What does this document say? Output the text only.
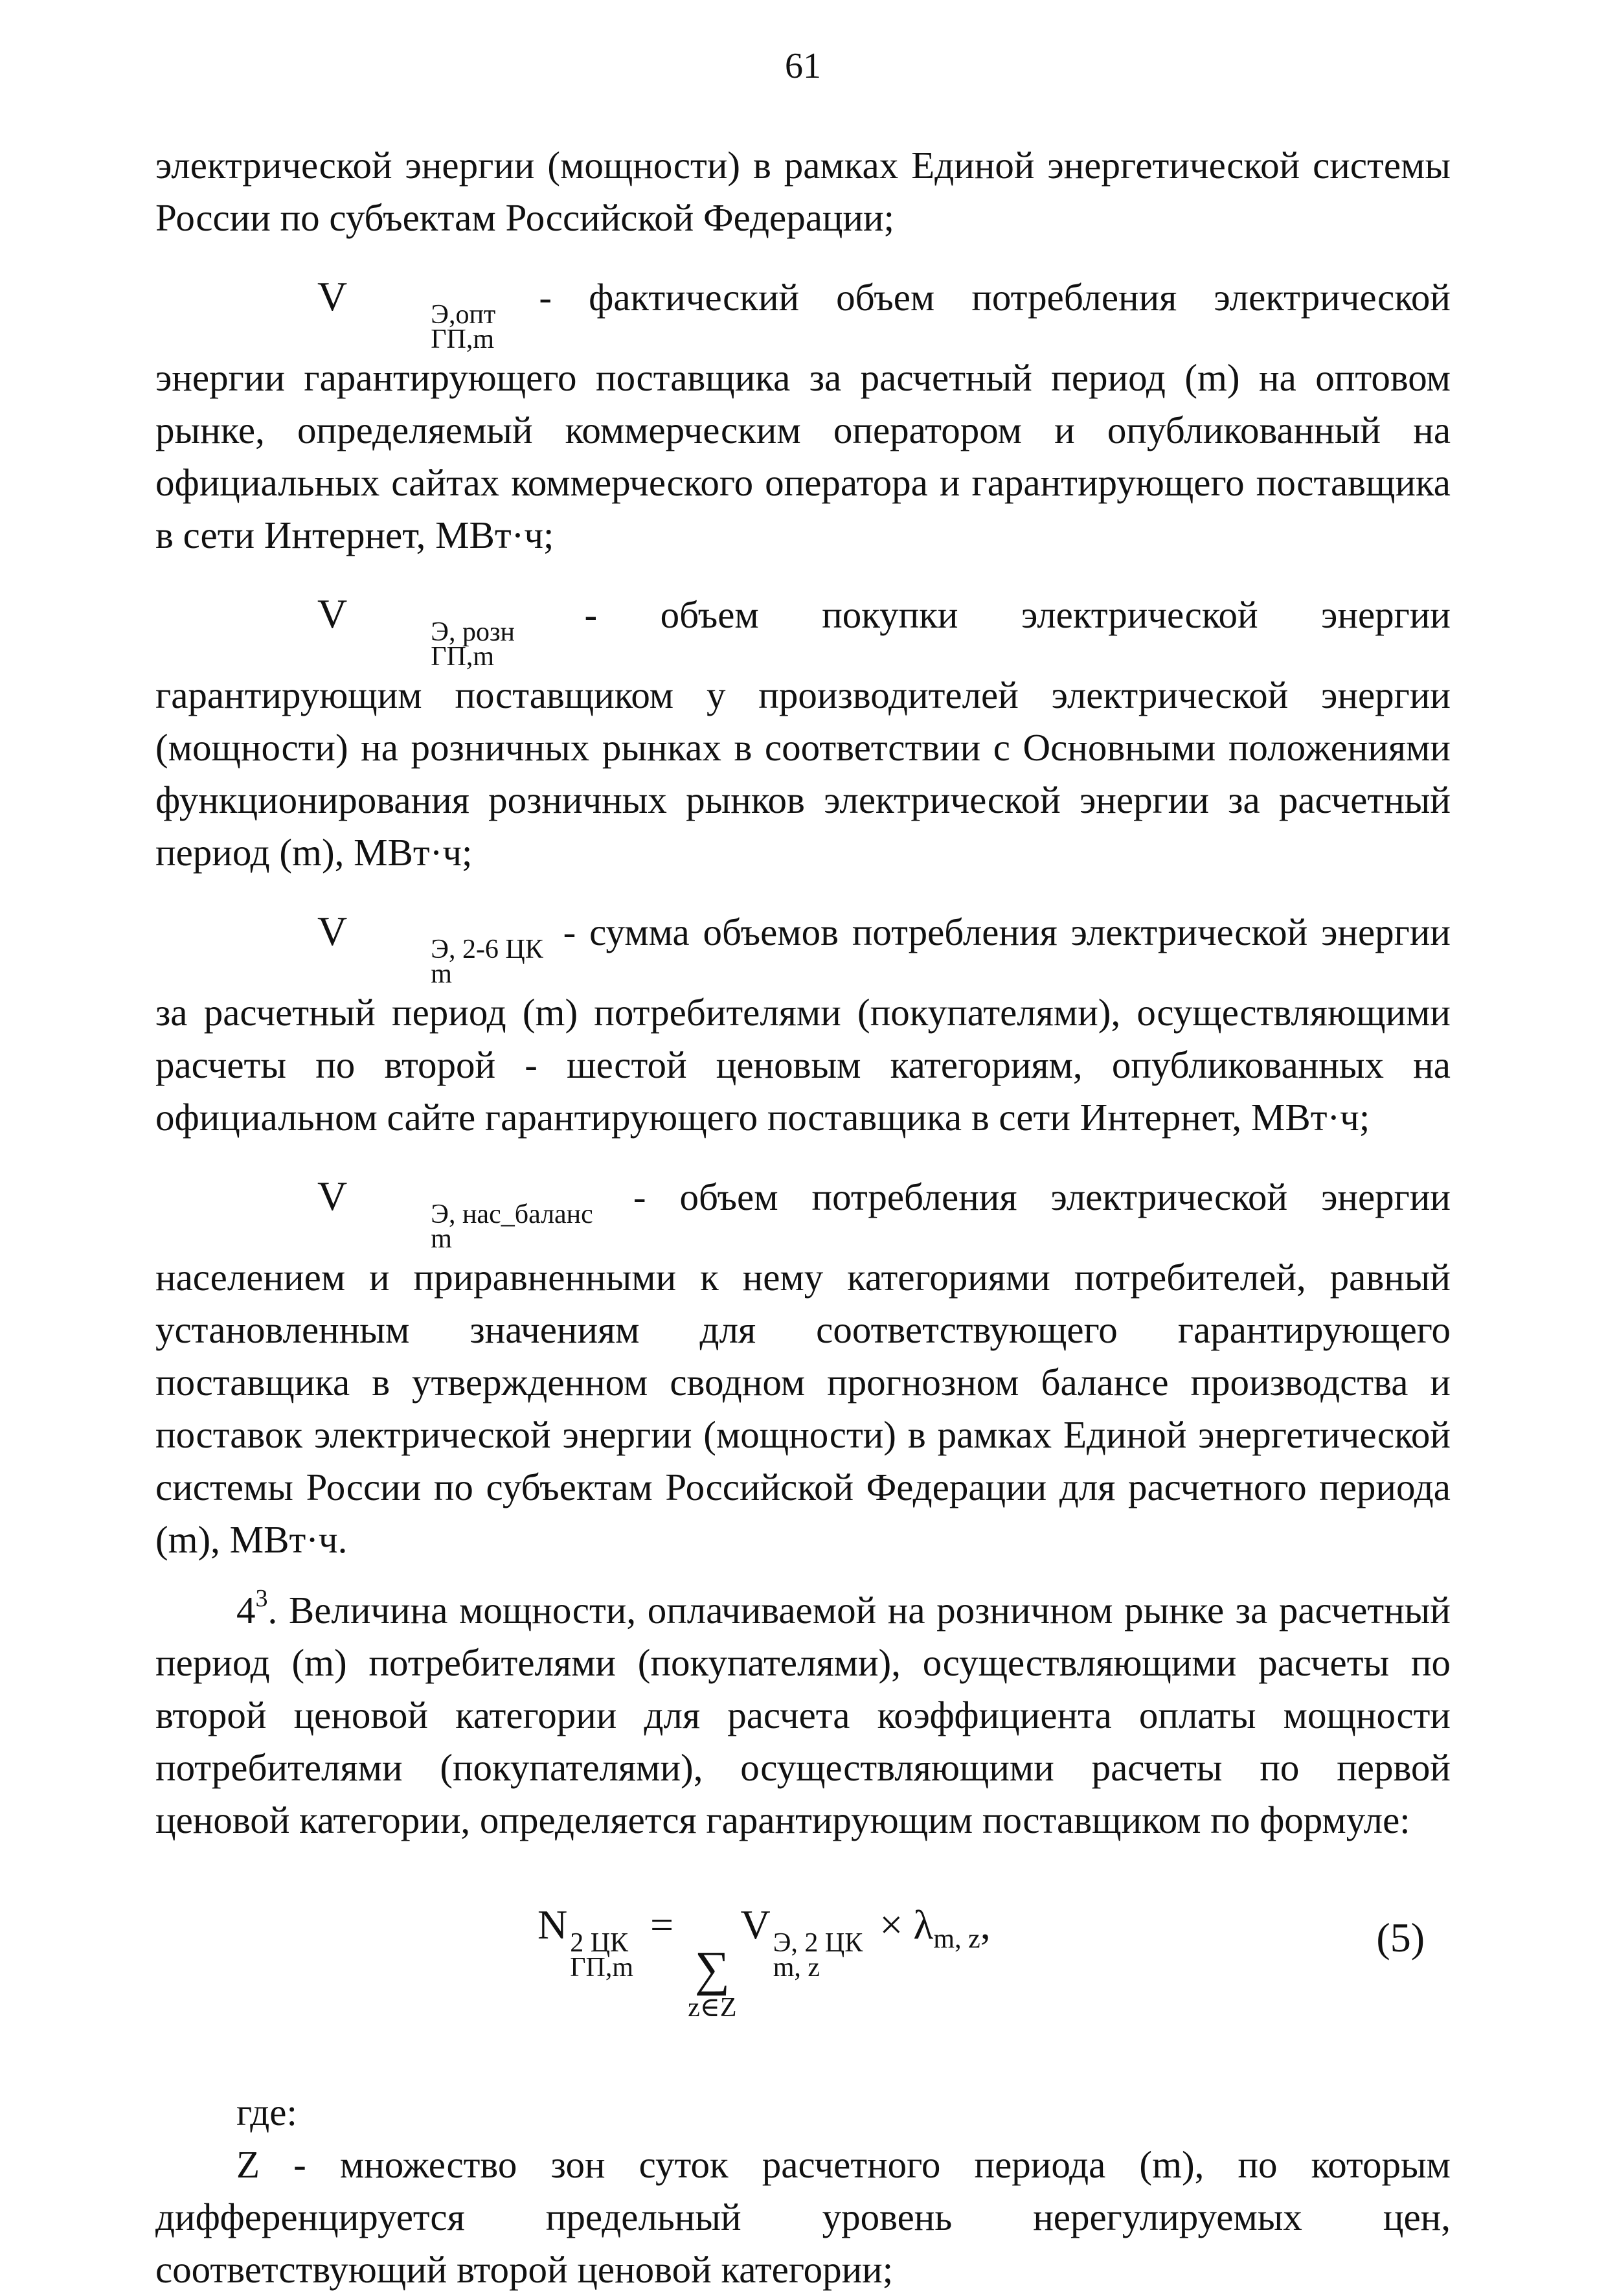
61

электрической энергии (мощности) в рамках Единой энергетической системы России по субъектам Российской Федерации;

V	Э,опт
ГП,m
- фактический объем потребления электрической энергии гарантирующего поставщика за расчетный период (m) на оптовом рынке, определяемый коммерческим оператором и опубликованный на официальных сайтах коммерческого оператора и гарантирующего поставщика в сети Интернет, МВт·ч;

V	Э, розн
ГП,m
- объем покупки электрической энергии гарантирующим поставщиком у производителей электрической энергии (мощности) на розничных рынках в соответствии с Основными положениями функционирования розничных рынков электрической энергии за расчетный период (m), МВт·ч;

V	Э, 2-6 ЦК
m
- сумма объемов потребления электрической энергии за расчетный период (m) потребителями (покупателями), осуществляющими расчеты по второй - шестой ценовым категориям, опубликованных на официальном сайте гарантирующего поставщика в сети Интернет, МВт·ч;

V	Э, нас_баланс
m
- объем потребления электрической энергии населением и приравненными к нему категориями потребителей, равный установленным значениям для соответствующего гарантирующего поставщика в утвержденном сводном прогнозном балансе производства и поставок электрической энергии (мощности) в рамках Единой энергетической системы России по субъектам Российской Федерации для расчетного периода (m), МВт·ч.

$4^3$. Величина мощности, оплачиваемой на розничном рынке за расчетный период (m) потребителями (покупателями), осуществляющими расчеты по второй ценовой категории для расчета коэффициента оплаты мощности потребителями (покупателями), осуществляющими расчеты по первой ценовой категории, определяется гарантирующим поставщиком по формуле:

N 2 ЦК
ГП,m
=
∑
z∈Z
V Э, 2 ЦК
m, z
× $\lambda_{m, z}$,	(5)

где:

Z - множество зон суток расчетного периода (m), по которым дифференцируется предельный уровень нерегулируемых цен, соответствующий второй ценовой категории;
